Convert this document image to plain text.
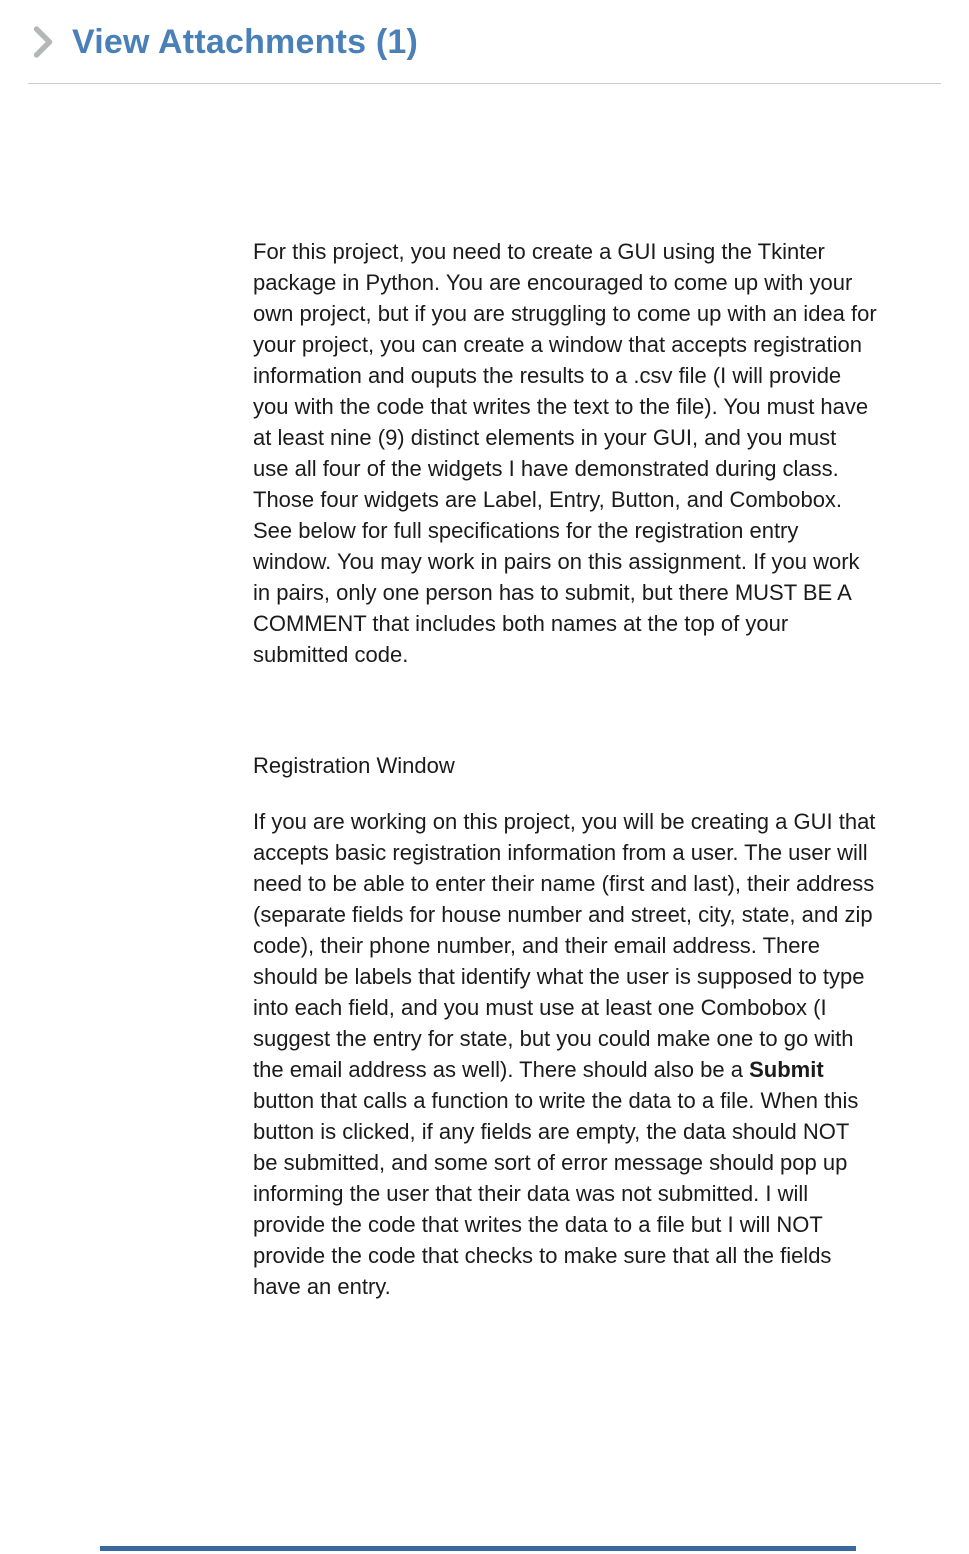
View Attachments (1)

For this project, you need to create a GUI using the Tkinter package in Python. You are encouraged to come up with your own project, but if you are struggling to come up with an idea for your project, you can create a window that accepts registration information and ouputs the results to a .csv file (I will provide you with the code that writes the text to the file). You must have at least nine (9) distinct elements in your GUI, and you must use all four of the widgets I have demonstrated during class. Those four widgets are Label, Entry, Button, and Combobox. See below for full specifications for the registration entry window. You may work in pairs on this assignment. If you work in pairs, only one person has to submit, but there MUST BE A COMMENT that includes both names at the top of your submitted code.

Registration Window

If you are working on this project, you will be creating a GUI that accepts basic registration information from a user. The user will need to be able to enter their name (first and last), their address (separate fields for house number and street, city, state, and zip code), their phone number, and their email address. There should be labels that identify what the user is supposed to type into each field, and you must use at least one Combobox (I suggest the entry for state, but you could make one to go with the email address as well). There should also be a Submit button that calls a function to write the data to a file. When this button is clicked, if any fields are empty, the data should NOT be submitted, and some sort of error message should pop up informing the user that their data was not submitted. I will provide the code that writes the data to a file but I will NOT provide the code that checks to make sure that all the fields have an entry.
